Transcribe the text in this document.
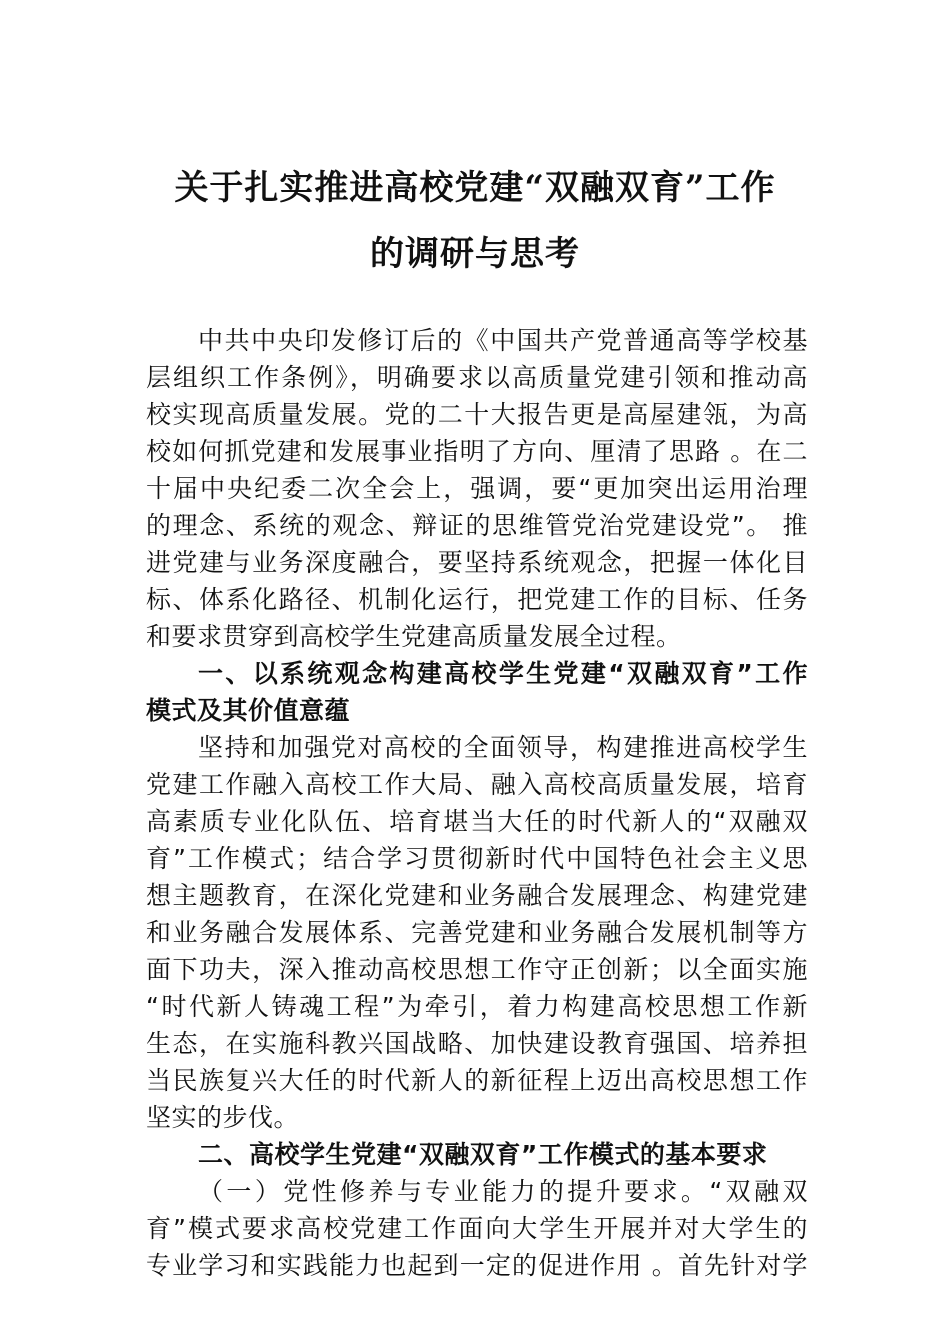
关于扎实推进高校党建“双融双育”工作
的调研与思考
中共中央印发修订后的《中国共产党普通高等学校基
层组织工作条例》，明确要求以高质量党建引领和推动高
校实现高质量发展。党的二十大报告更是高屋建瓴，为高
校如何抓党建和发展事业指明了方向、厘清了思路 。在二
十届中央纪委二次全会上，强调，要“更加突出运用治理
的理念、系统的观念、辩证的思维管党治党建设党”。 推
进党建与业务深度融合，要坚持系统观念，把握一体化目
标、体系化路径、机制化运行，把党建工作的目标、任务
和要求贯穿到高校学生党建高质量发展全过程。
一、以系统观念构建高校学生党建“双融双育”工作
模式及其价值意蕴
坚持和加强党对高校的全面领导，构建推进高校学生
党建工作融入高校工作大局、融入高校高质量发展，培育
高素质专业化队伍、培育堪当大任的时代新人的“双融双
育”工作模式；结合学习贯彻新时代中国特色社会主义思
想主题教育，在深化党建和业务融合发展理念、构建党建
和业务融合发展体系、完善党建和业务融合发展机制等方
面下功夫，深入推动高校思想工作守正创新；以全面实施
“时代新人铸魂工程”为牵引，着力构建高校思想工作新
生态，在实施科教兴国战略、加快建设教育强国、培养担
当民族复兴大任的时代新人的新征程上迈出高校思想工作
坚实的步伐。
二、高校学生党建“双融双育”工作模式的基本要求
（一）党性修养与专业能力的提升要求。“双融双
育”模式要求高校党建工作面向大学生开展并对大学生的
专业学习和实践能力也起到一定的促进作用 。首先针对学
